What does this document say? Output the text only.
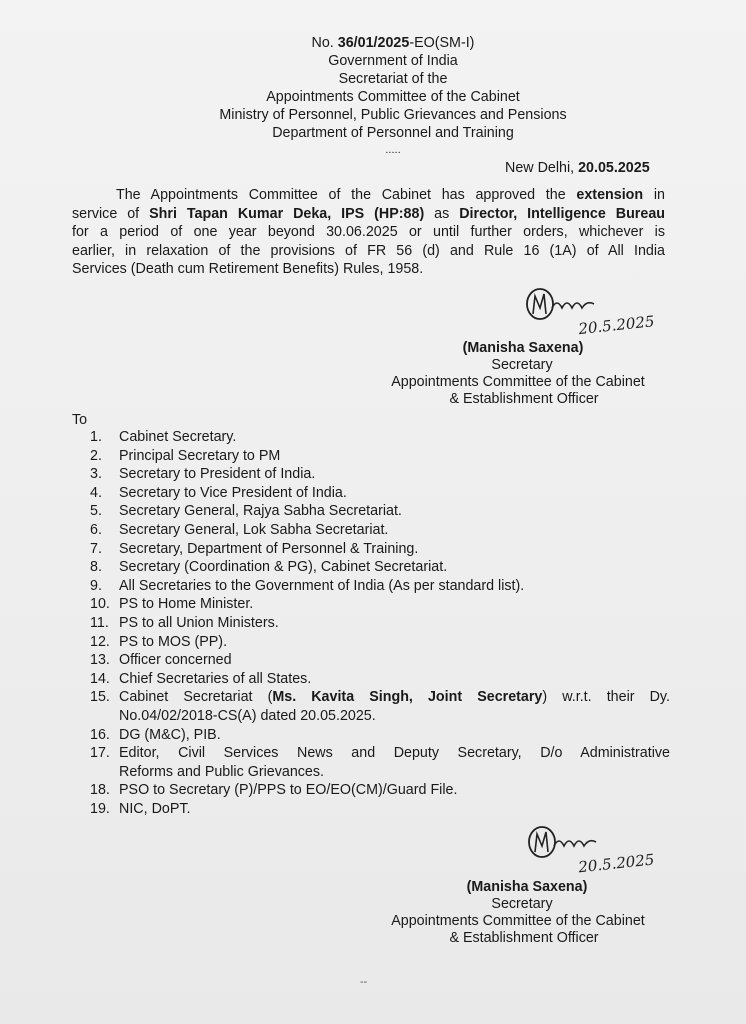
No. 36/01/2025-EO(SM-I)
Government of India
Secretariat of the
Appointments Committee of the Cabinet
Ministry of Personnel, Public Grievances and Pensions
Department of Personnel and Training
.....
New Delhi, 20.05.2025

The Appointments Committee of the Cabinet has approved the extension in

service of Shri Tapan Kumar Deka, IPS (HP:88) as Director, Intelligence Bureau

for a period of one year beyond 30.06.2025 or until further orders, whichever is

earlier, in relaxation of the provisions of FR 56 (d) and Rule 16 (1A) of All India

Services (Death cum Retirement Benefits) Rules, 1958.

20.5.2025
(Manisha Saxena)
Secretary
Appointments Committee of the Cabinet
& Establishment Officer
To
1.	Cabinet Secretary.
2.	Principal Secretary to PM
3.	Secretary to President of India.
4.	Secretary to Vice President of India.
5.	Secretary General, Rajya Sabha Secretariat.
6.	Secretary General, Lok Sabha Secretariat.
7.	Secretary, Department of Personnel & Training.
8.	Secretary (Coordination & PG), Cabinet Secretariat.
9.	All Secretaries to the Government of India (As per standard list).
10. PS to Home Minister.
11. PS to all Union Ministers.
12. PS to MOS (PP).
13. Officer concerned
14. Chief Secretaries of all States.
15. Cabinet Secretariat (Ms. Kavita Singh, Joint Secretary) w.r.t. their Dy.
No.04/02/2018-CS(A) dated 20.05.2025.
16. DG (M&C), PIB.
17. Editor, Civil Services News and Deputy Secretary, D/o Administrative
Reforms and Public Grievances.
18. PSO to Secretary (P)/PPS to EO/EO(CM)/Guard File.
19. NIC, DoPT.
20.5.2025
(Manisha Saxena)
Secretary
Appointments Committee of the Cabinet
& Establishment Officer
--
